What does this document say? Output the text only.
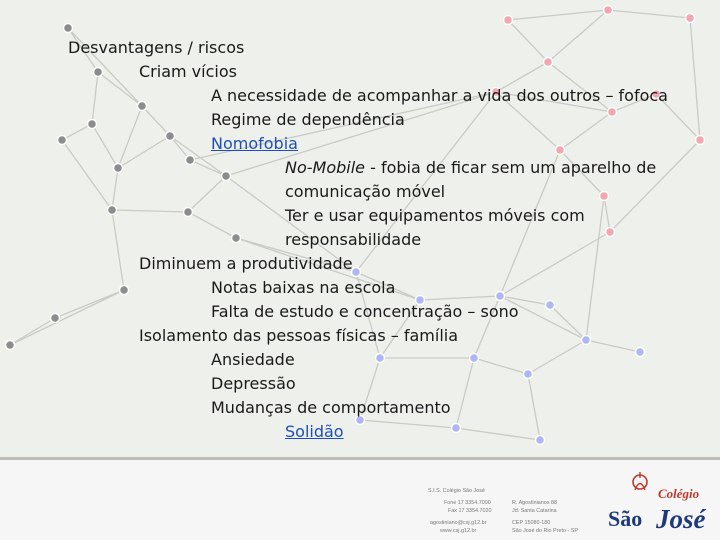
Desvantagens / riscos
Criam vícios
A necessidade de acompanhar a vida dos outros – fofoca
Regime de dependência
Nomofobia
No-Mobile - fobia de ficar sem um aparelho de
comunicação móvel
Ter e usar equipamentos móveis com
responsabilidade
Diminuem a produtividade
Notas baixas na escola
Falta de estudo e concentração – sono
Isolamento das pessoas físicas – família
Ansiedade
Depressão
Mudanças de comportamento
Solidão
S.I.S. Colégio São José
Fone 17 3354.7000
Fax 17 3354.7020
R. Agostinianos 88
Jd. Santa Catarina
agostiniano@csj.g12.br
www.csj.g12.br
CEP 15080-180
São José do Rio Preto - SP
Colégio
São José
